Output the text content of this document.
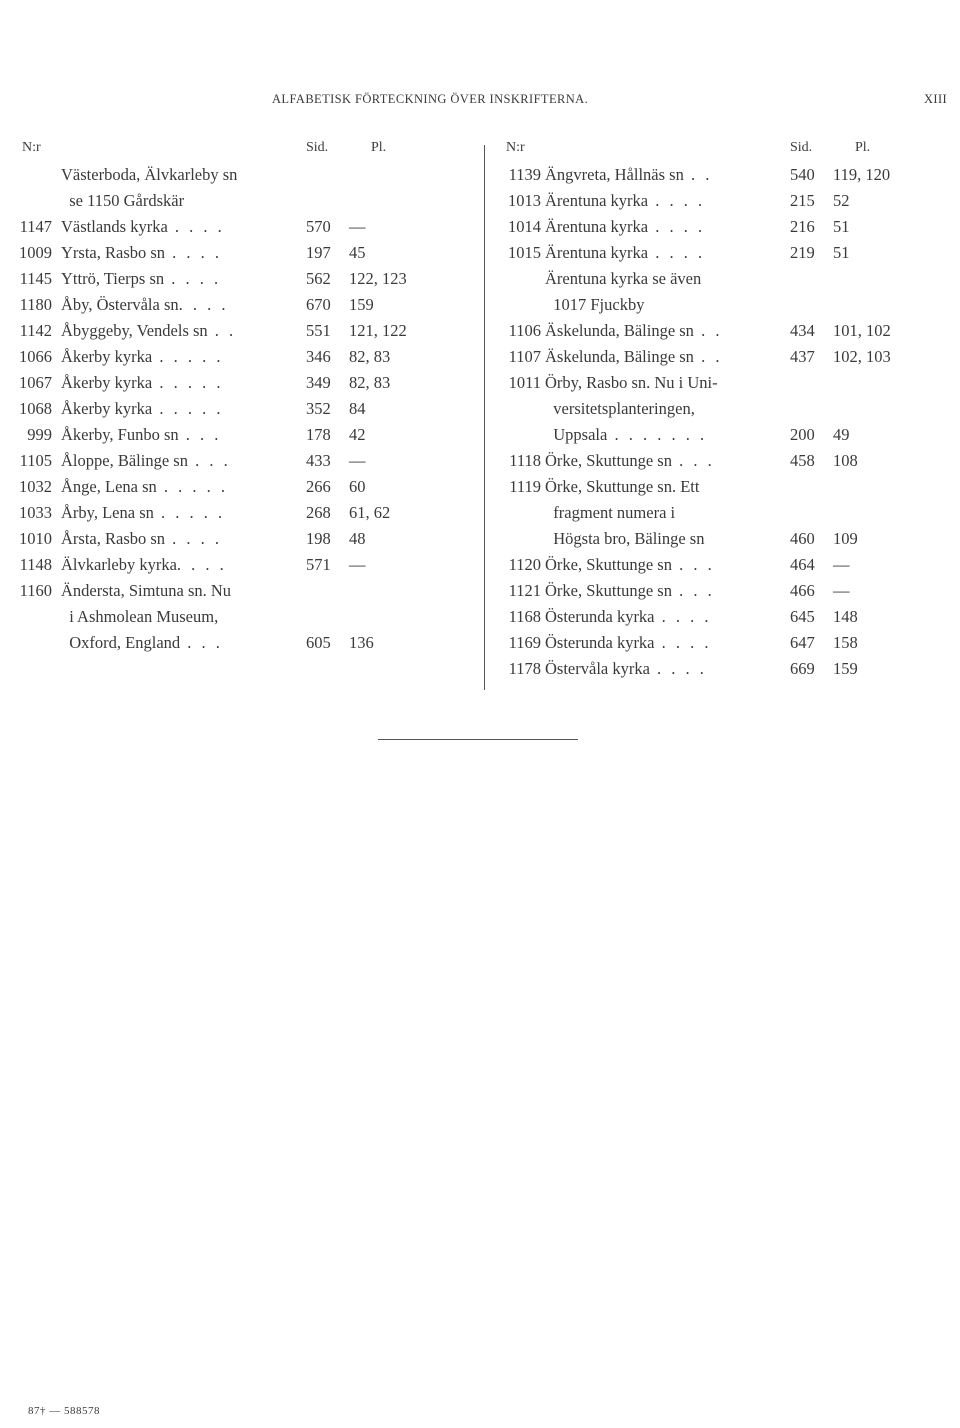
ALFABETISK FÖRTECKNING ÖVER INSKRIFTERNA.	XIII
N:r	Sid.	Pl.
Västerboda, Älvkarleby sn
se 1150 Gårdskär
1147 Västlands kyrka . . . .	570	—
1009 Yrsta, Rasbo sn . . . .	197	45
1145 Yttrö, Tierps sn . . . .	562	122, 123
1180 Åby, Östervåla sn. . . .	670	159
1142 Åbyggeby, Vendels sn . .	551	121, 122
1066 Åkerby kyrka . . . . .	346	82, 83
1067 Åkerby kyrka . . . . .	349	82, 83
1068 Åkerby kyrka . . . . .	352	84
999 Åkerby, Funbo sn . . .	178	42
1105 Åloppe, Bälinge sn . . .	433	—
1032 Ånge, Lena sn . . . . .	266	60
1033 Årby, Lena sn . . . . .	268	61, 62
1010 Årsta, Rasbo sn . . . .	198	48
1148 Älvkarleby kyrka. . . .	571	—
1160 Ändersta, Simtuna sn. Nu
i Ashmolean Museum,
Oxford, England . . .	605	136
N:r	Sid.	Pl.
1139 Ängvreta, Hållnäs sn . .	540	119, 120
1013 Ärentuna kyrka . . . .	215	52
1014 Ärentuna kyrka . . . .	216	51
1015 Ärentuna kyrka . . . .	219	51
Ärentuna kyrka se även
1017 Fjuckby
1106 Äskelunda, Bälinge sn . .	434	101, 102
1107 Äskelunda, Bälinge sn . .	437	102, 103
1011 Örby, Rasbo sn. Nu i Uni-
versitetsplanteringen,
Uppsala . . . . . . .	200	49
1118 Örke, Skuttunge sn . . .	458	108
1119 Örke, Skuttunge sn. Ett
fragment numera i
Högsta bro, Bälinge sn	460	109
1120 Örke, Skuttunge sn . . .	464	—
1121 Örke, Skuttunge sn . . .	466	—
1168 Österunda kyrka . . . .	645	148
1169 Österunda kyrka . . . .	647	158
1178 Östervåla kyrka . . . .	669	159
87† — 588578
